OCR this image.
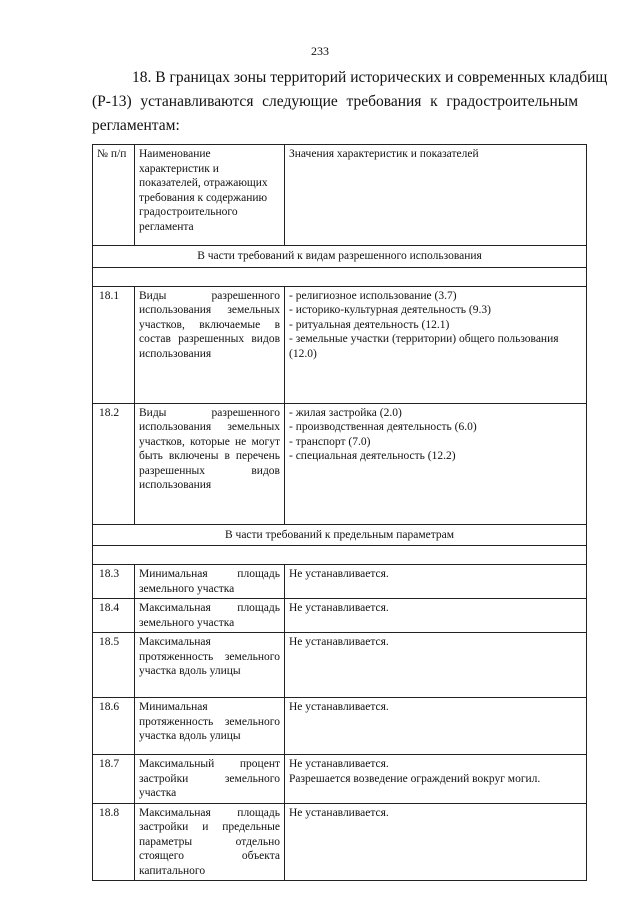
233
18. В границах зоны территорий исторических и современных кладбищ
(Р-13) устанавливаются следующие требования к градостроительным
регламентам:
№ п/п	Наименование характеристик и показателей, отражающих требования к содержанию градостроительного регламента	Значения характеристик и показателей
В части требований к видам разрешенного использования		

18.1	Виды разрешенного использования земельных участков, включаемые в состав разрешенных видов использования	- религиозное использование (3.7)
- историко-культурная деятельность (9.3)
- ритуальная деятельность (12.1)
- земельные участки (территории) общего пользования (12.0)

18.2	Виды разрешенного использования земельных участков, которые не могут быть включены в перечень разрешенных видов использования	- жилая застройка (2.0)
- производственная деятельность (6.0)
- транспорт (7.0)
- специальная деятельность (12.2)

В части требований к предельным параметрам		

18.3	Минимальная площадь земельного участка	Не устанавливается.

18.4	Максимальная площадь земельного участка	Не устанавливается.

18.5	Максимальная протяженность земельного участка вдоль улицы	Не устанавливается.

18.6	Минимальная протяженность земельного участка вдоль улицы	Не устанавливается.

18.7	Максимальный процент застройки земельного участка	Не устанавливается.
Разрешается возведение ограждений вокруг могил.

18.8	Максимальная площадь застройки и предельные параметры отдельно стоящего объекта капитального	Не устанавливается.
